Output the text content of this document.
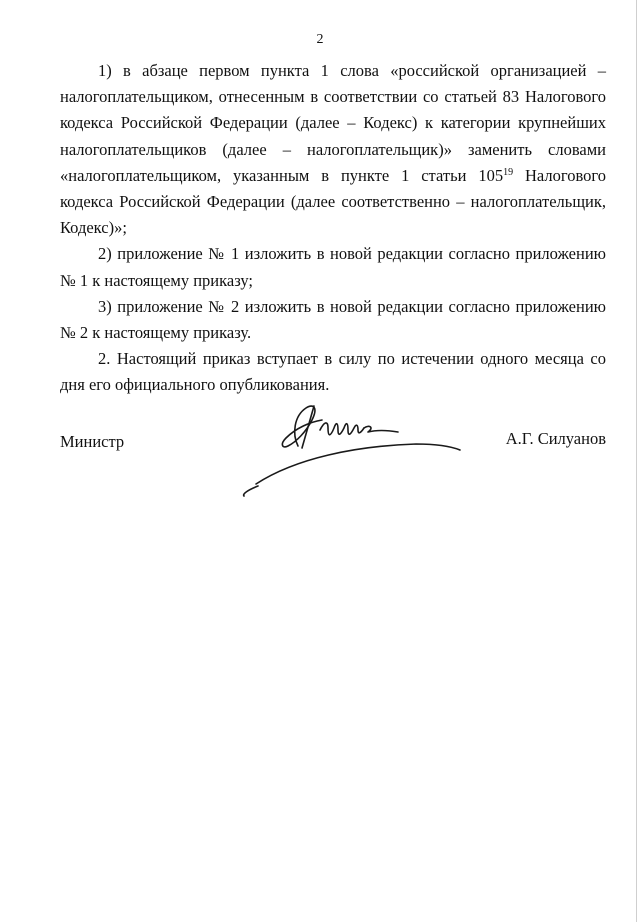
2

1) в абзаце первом пункта 1 слова «российской организацией – налогоплательщиком, отнесенным в соответствии со статьей 83 Налогового кодекса Российской Федерации (далее – Кодекс) к категории крупнейших налогоплательщиков (далее – налогоплательщик)» заменить словами «налогоплательщиком, указанным в пункте 1 статьи $105^{19}$ Налогового кодекса Российской Федерации (далее соответственно – налогоплательщик, Кодекс)»;

2) приложение № 1 изложить в новой редакции согласно приложению № 1 к настоящему приказу;

3) приложение № 2 изложить в новой редакции согласно приложению № 2 к настоящему приказу.

2. Настоящий приказ вступает в силу по истечении одного месяца со дня его официального опубликования.

Министр	А.Г. Силуанов
